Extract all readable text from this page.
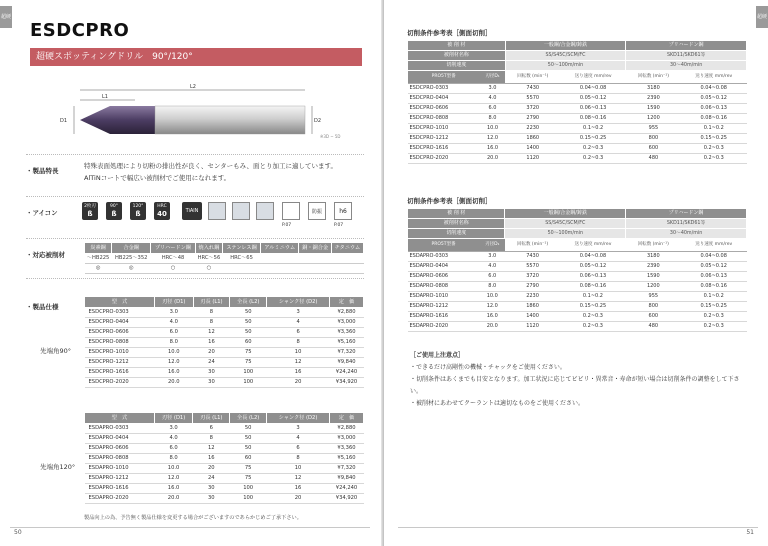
超硬
ESDCPRO
超硬スポッティングドリル　90°/120°
L2
L1
D1	D2
※3D ∼ 5D
・ 製品特長
特殊表面処理により切粉の排出性が良く、センターもみ、面とり加工に適しています。
AlTiNコートで幅広い被削材でご使用になれます。
・ アイコン
2枚刃
ß
90°
ß
120°
ß
HRC
40	TiAlN
P.07
防振	h6
P.07
・ 対応被削材
炭素鋼	合金鋼	プリハードン鋼	焼入れ鋼	ステンレス鋼	アルミニウム	銅・銅合金	チタニウム
～HB225	HB225～352	HRC～48	HRC～56	HRC～65			
◎	◎	○	○				
・ 製品仕様
型　式	刃径 (D1)	刃長 (L1)	全長 (L2)	シャンク径 (D2)	定　価
ESDCPRO-0303	3.0	8	50	3	¥2,880
ESDCPRO-0404	4.0	8	50	4	¥3,000
ESDCPRO-0606	6.0	12	50	6	¥3,360
ESDCPRO-0808	8.0	16	60	8	¥5,160
ESDCPRO-1010	10.0	20	75	10	¥7,320
ESDCPRO-1212	12.0	24	75	12	¥9,840
ESDCPRO-1616	16.0	30	100	16	¥24,240
ESDCPRO-2020	20.0	30	100	20	¥34,920
先端角90°
型　式	刃径 (D1)	刃長 (L1)	全長 (L2)	シャンク径 (D2)	定　価
ESDAPRO-0303	3.0	6	50	3	¥2,880
ESDAPRO-0404	4.0	8	50	4	¥3,000
ESDAPRO-0606	6.0	12	50	6	¥3,360
ESDAPRO-0808	8.0	16	60	8	¥5,160
ESDAPRO-1010	10.0	20	75	10	¥7,320
ESDAPRO-1212	12.0	24	75	12	¥9,840
ESDAPRO-1616	16.0	30	100	16	¥24,240
ESDAPRO-2020	20.0	30	100	20	¥34,920
先端角120°
製品向上の為、予告無く製品仕様を変更する場合がございますのであらかじめご了承下さい。
50
超硬
切削条件参考表［側面切削］
被 削 材		一般鋼/合金鋼/鋳鉄		プリハードン鋼	
被削材名称		SS/S45C/SCM/FC		SKD11/SKD61等	
切削速度		50～100m/min		30～40m/min	
PRO5T型番	刃径D₁	回転数 (min⁻¹)	送り速度 mm/rev	回転数 (min⁻¹)	送り速度 mm/rev
ESDCPRO-0303	3.0	7430	0.04~0.08	3180	0.04~0.08
ESDCPRO-0404	4.0	5570	0.05~0.12	2390	0.05~0.12
ESDCPRO-0606	6.0	3720	0.06~0.13	1590	0.06~0.13
ESDCPRO-0808	8.0	2790	0.08~0.16	1200	0.08~0.16
ESDCPRO-1010	10.0	2230	0.1~0.2	955	0.1~0.2
ESDCPRO-1212	12.0	1860	0.15~0.25	800	0.15~0.25
ESDCPRO-1616	16.0	1400	0.2~0.3	600	0.2~0.3
ESDCPRO-2020	20.0	1120	0.2~0.3	480	0.2~0.3
切削条件参考表［側面切削］
被 削 材		一般鋼/合金鋼/鋳鉄		プリハードン鋼	
被削材名称		SS/S45C/SCM/FC		SKD11/SKD61等	
切削速度		50～100m/min		30～40m/min	
PRO5T型番	刃径D₁	回転数 (min⁻¹)	送り速度 mm/rev	回転数 (min⁻¹)	送り速度 mm/rev
ESDAPRO-0303	3.0	7430	0.04~0.08	3180	0.04~0.08
ESDAPRO-0404	4.0	5570	0.05~0.12	2390	0.05~0.12
ESDAPRO-0606	6.0	3720	0.06~0.13	1590	0.06~0.13
ESDAPRO-0808	8.0	2790	0.08~0.16	1200	0.08~0.16
ESDAPRO-1010	10.0	2230	0.1~0.2	955	0.1~0.2
ESDAPRO-1212	12.0	1860	0.15~0.25	800	0.15~0.25
ESDAPRO-1616	16.0	1400	0.2~0.3	600	0.2~0.3
ESDAPRO-2020	20.0	1120	0.2~0.3	480	0.2~0.3
［ご使用上注意点］
・できるだけ高剛性の機械・チャックをご使用ください。
・切削条件はあくまでも目安となります。加工状況に応じてビビリ・異常音・寿命が短い場合は切削条件の調整をして下さい。
・被削材にあわせてクーラントは適切なものをご使用ください。
51
